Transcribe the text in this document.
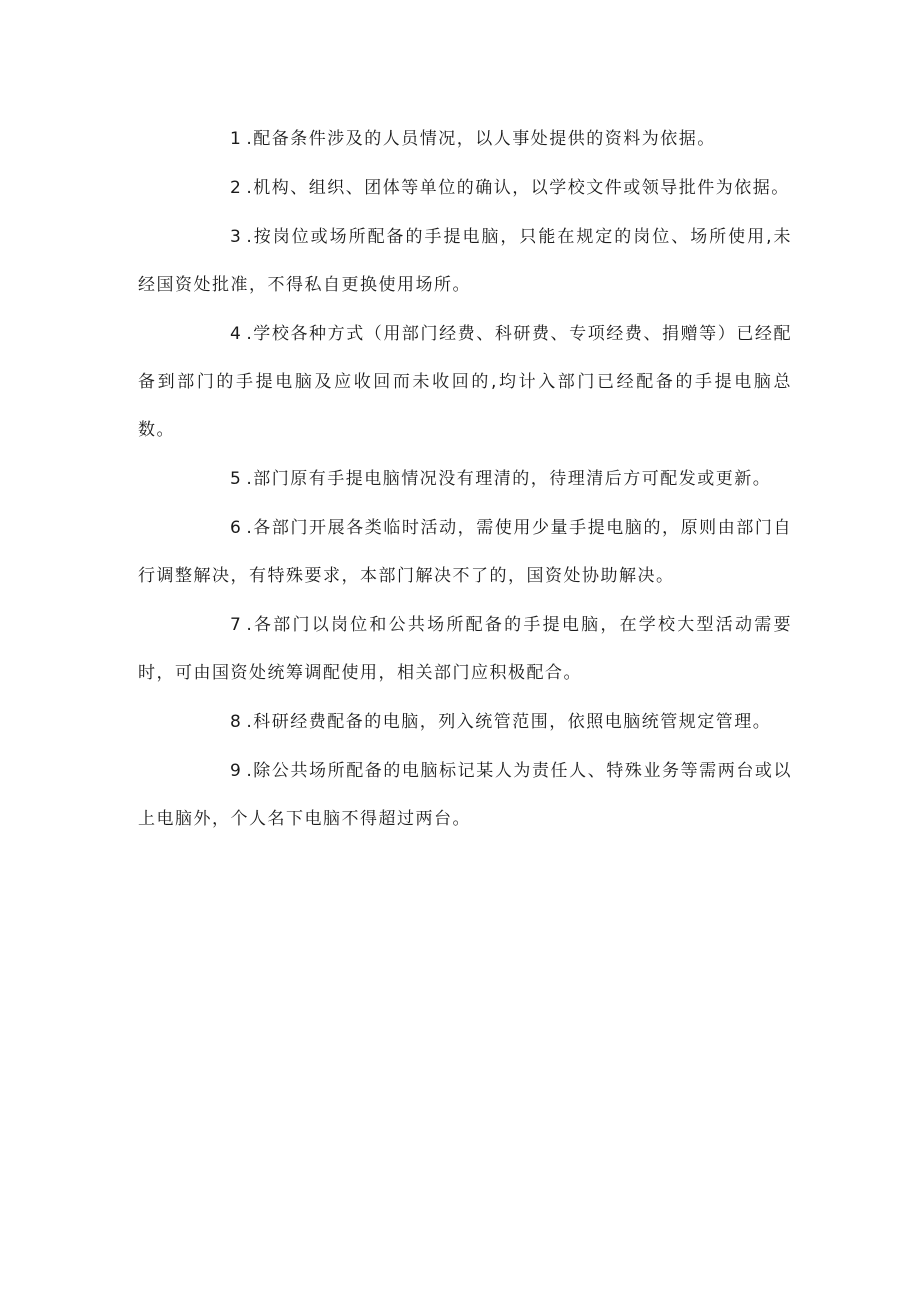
1 .配备条件涉及的人员情况，以人事处提供的资料为依据。

2 .机构、组织、团体等单位的确认，以学校文件或领导批件为依据。

3 .按岗位或场所配备的手提电脑，只能在规定的岗位、场所使用,未经国资处批准，不得私自更换使用场所。

4 .学校各种方式（用部门经费、科研费、专项经费、捐赠等）已经配备到部门的手提电脑及应收回而未收回的,均计入部门已经配备的手提电脑总数。

5 .部门原有手提电脑情况没有理清的，待理清后方可配发或更新。

6 .各部门开展各类临时活动，需使用少量手提电脑的，原则由部门自行调整解决，有特殊要求，本部门解决不了的，国资处协助解决。

7 .各部门以岗位和公共场所配备的手提电脑，在学校大型活动需要时，可由国资处统筹调配使用，相关部门应积极配合。

8 .科研经费配备的电脑，列入统管范围，依照电脑统管规定管理。

9 .除公共场所配备的电脑标记某人为责任人、特殊业务等需两台或以上电脑外，个人名下电脑不得超过两台。
